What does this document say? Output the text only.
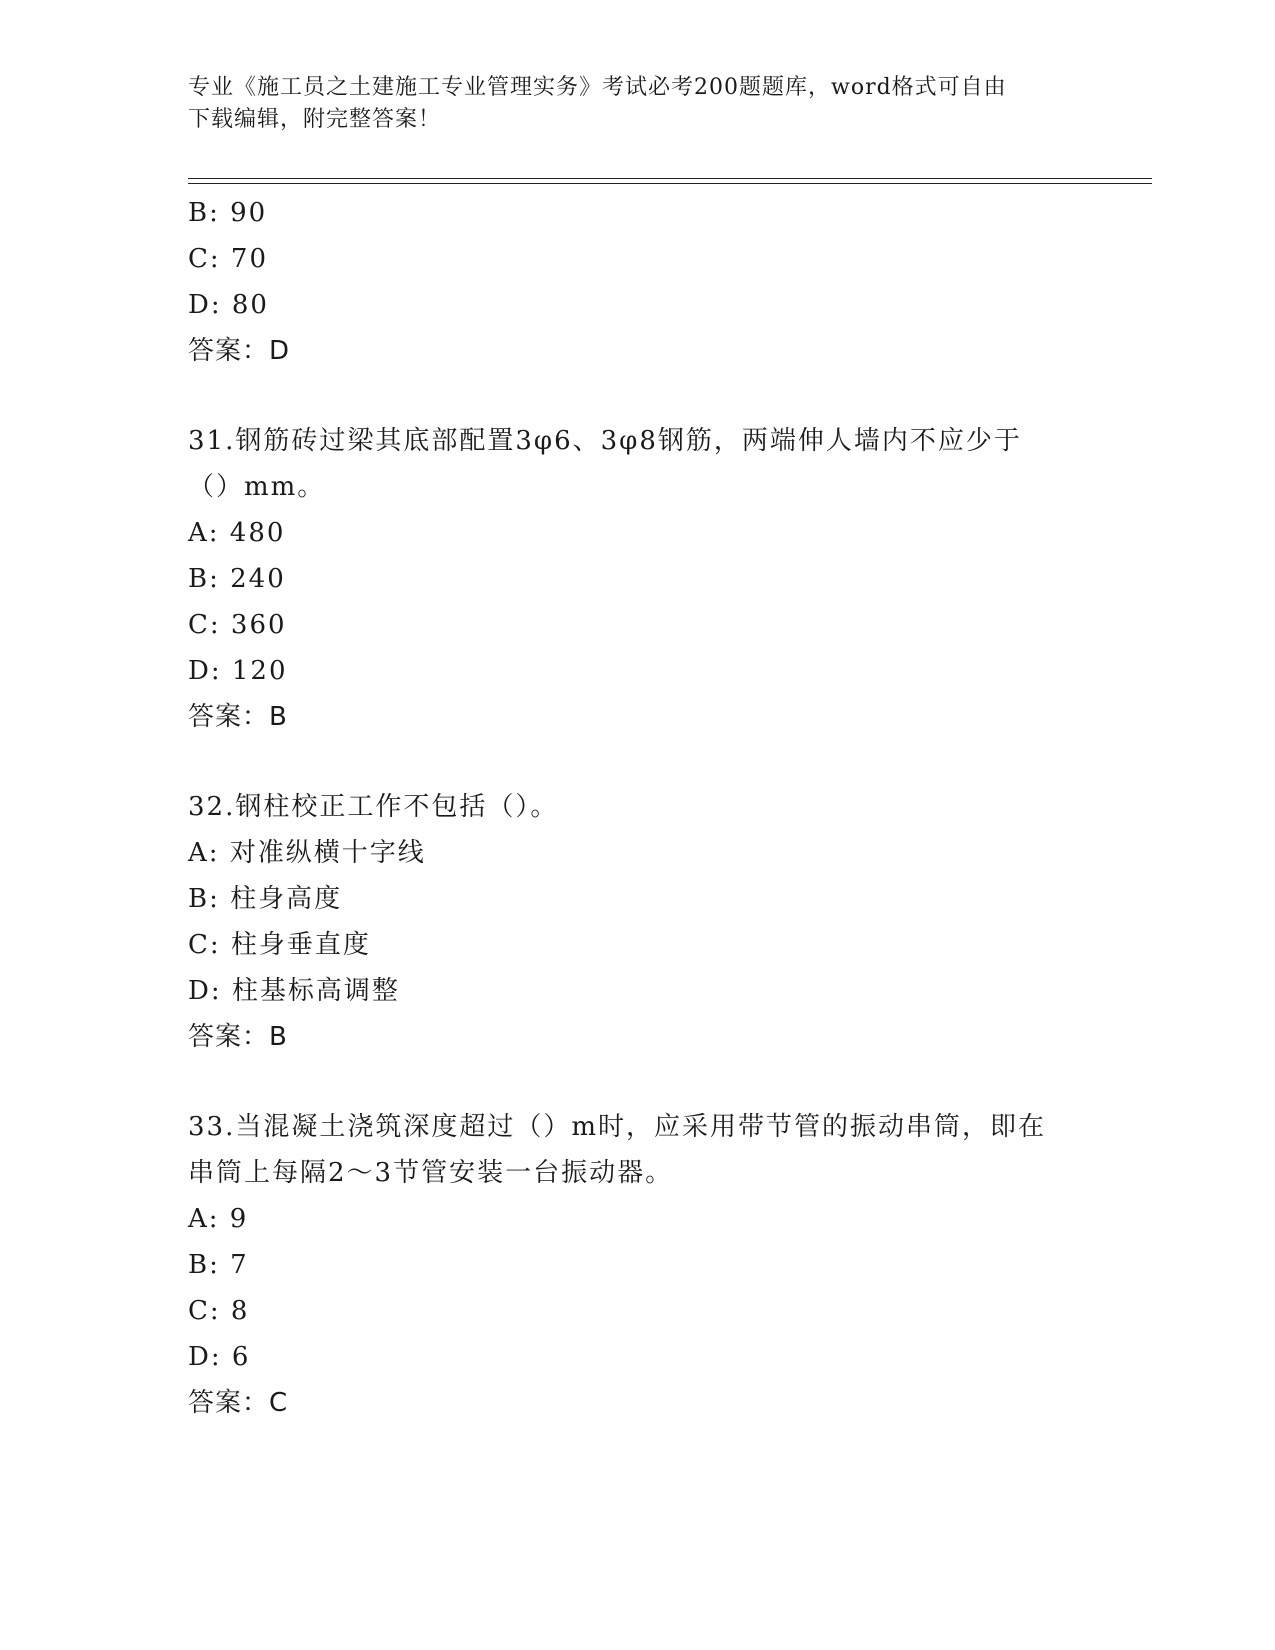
专业《施工员之土建施工专业管理实务》考试必考200题题库，word格式可自由
下载编辑，附完整答案！
B: 90
C: 70
D: 80
答案：D
31.钢筋砖过梁其底部配置3φ6、3φ8钢筋，两端伸人墙内不应少于
（）mm。
A: 480
B: 240
C: 360
D: 120
答案：B
32.钢柱校正工作不包括（）。
A: 对准纵横十字线
B: 柱身高度
C: 柱身垂直度
D: 柱基标高调整
答案：B
33.当混凝土浇筑深度超过（）m时，应采用带节管的振动串筒，即在
串筒上每隔2～3节管安装一台振动器。
A: 9
B: 7
C: 8
D: 6
答案：C
